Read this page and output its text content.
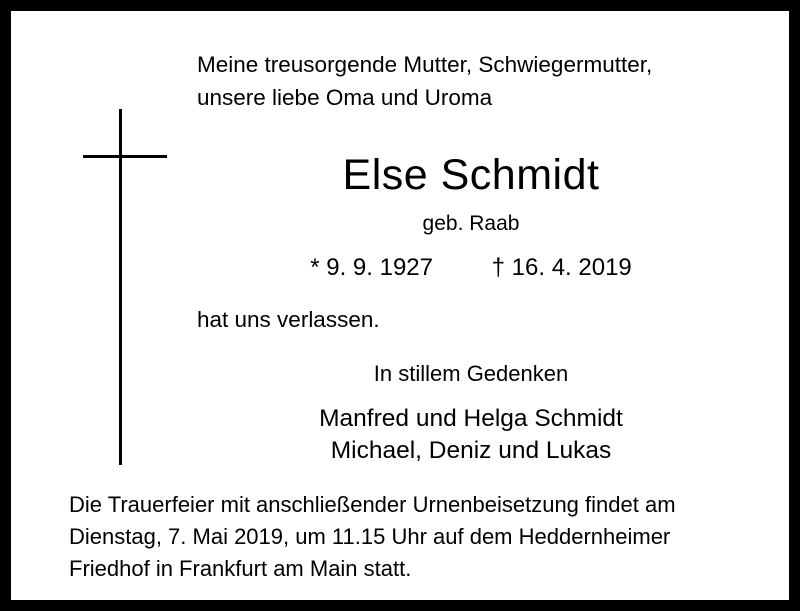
Meine treusorgende Mutter, Schwiegermutter,
unsere liebe Oma und Uroma
Else Schmidt
geb. Raab
* 9. 9. 1927 † 16. 4. 2019
hat uns verlassen.
In stillem Gedenken
Manfred und Helga Schmidt
Michael, Deniz und Lukas
Die Trauerfeier mit anschließender Urnenbeisetzung findet am
Dienstag, 7. Mai 2019, um 11.15 Uhr auf dem Heddernheimer
Friedhof in Frankfurt am Main statt.
